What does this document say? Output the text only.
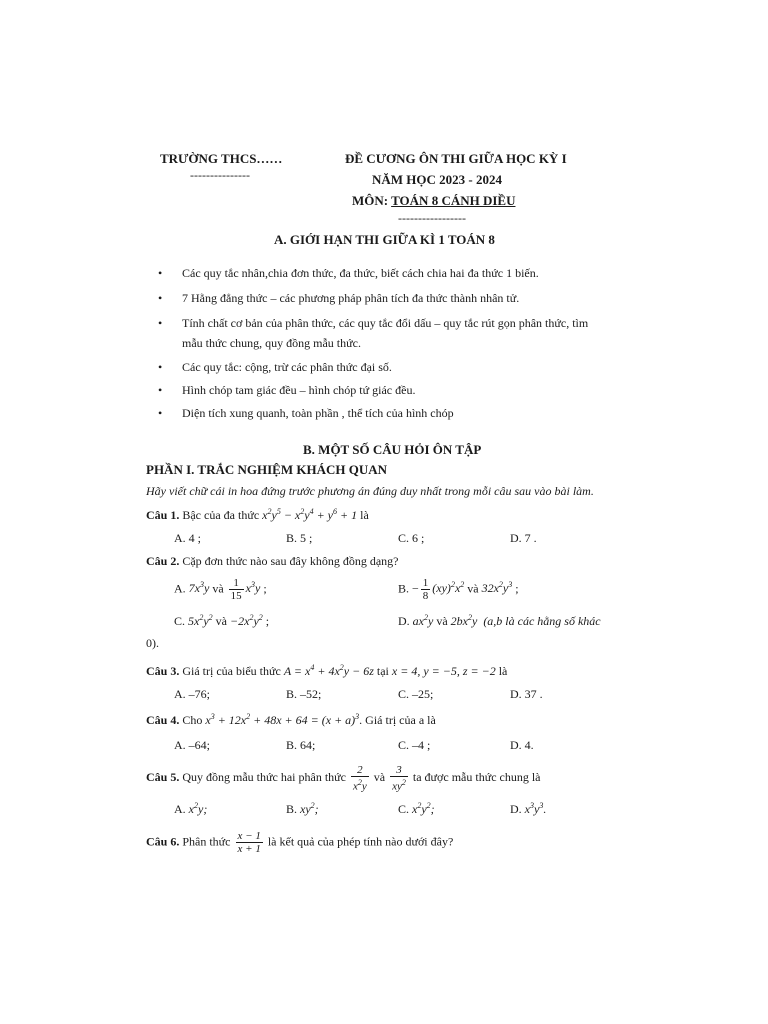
TRƯỜNG THCS……
---------------
ĐỀ CƯƠNG ÔN THI GIỮA HỌC KỲ I
NĂM HỌC 2023 - 2024
MÔN: TOÁN 8 CÁNH DIỀU
-----------------
A. GIỚI HẠN THI GIỮA KÌ 1 TOÁN 8
• Các quy tắc nhân,chia đơn thức, đa thức, biết cách chia hai đa thức 1 biến.
• 7 Hằng đẳng thức – các phương pháp phân tích đa thức thành nhân tử.
• Tính chất cơ bản của phân thức, các quy tắc đổi dấu – quy tắc rút gọn phân thức, tìm
mẫu thức chung, quy đồng mẫu thức.
• Các quy tắc: cộng, trừ các phân thức đại số.
• Hình chóp tam giác đều – hình chóp tứ giác đều.
• Diện tích xung quanh, toàn phần , thể tích của hình chóp
B. MỘT SỐ CÂU HỎI ÔN TẬP
PHẦN I. TRẮC NGHIỆM KHÁCH QUAN
Hãy viết chữ cái in hoa đứng trước phương án đúng duy nhất trong mỗi câu sau vào bài làm.
Câu 1. Bậc của đa thức $x^2y^5 - x^2y^4 + y^6 + 1$ là
A. 4 ;	B. 5 ;	C. 6 ;	D. 7 .
Câu 2. Cặp đơn thức nào sau đây không đồng dạng?
A. $7x^3y$ và $\frac{1}{15} x^3y$ ;	B. − $\frac{1}{8} (xy)^2x^2$ và $32x^2y^3$ ;
C. $5x^2y^2$ và $-2x^2y^2$ ;	D. $ax^2y$ và $2bx^2y$ (a,b là các hằng số khác
0).
Câu 3. Giá trị của biểu thức $A = x^4 + 4x^2y - 6z$ tại x = 4, y = −5, z = −2 là
A. –76;	B. –52;	C. –25;	D. 37 .
Câu 4. Cho $x^3 + 12x^2 + 48x + 64 = (x + a)^3$. Giá trị của a là
A. –64;	B. 64;	C. –4 ;	D. 4.
Câu 5. Quy đồng mẫu thức hai phân thức $\frac{2}{x^2y}$ và $\frac{3}{xy^2}$ ta được mẫu thức chung là
A. $x^2y$;	B. $xy^2$;	C. $x^2y^2$;	D. $x^3y^3$.
Câu 6. Phân thức $\frac{x - 1}{x + 1}$ là kết quả của phép tính nào dưới đây?
